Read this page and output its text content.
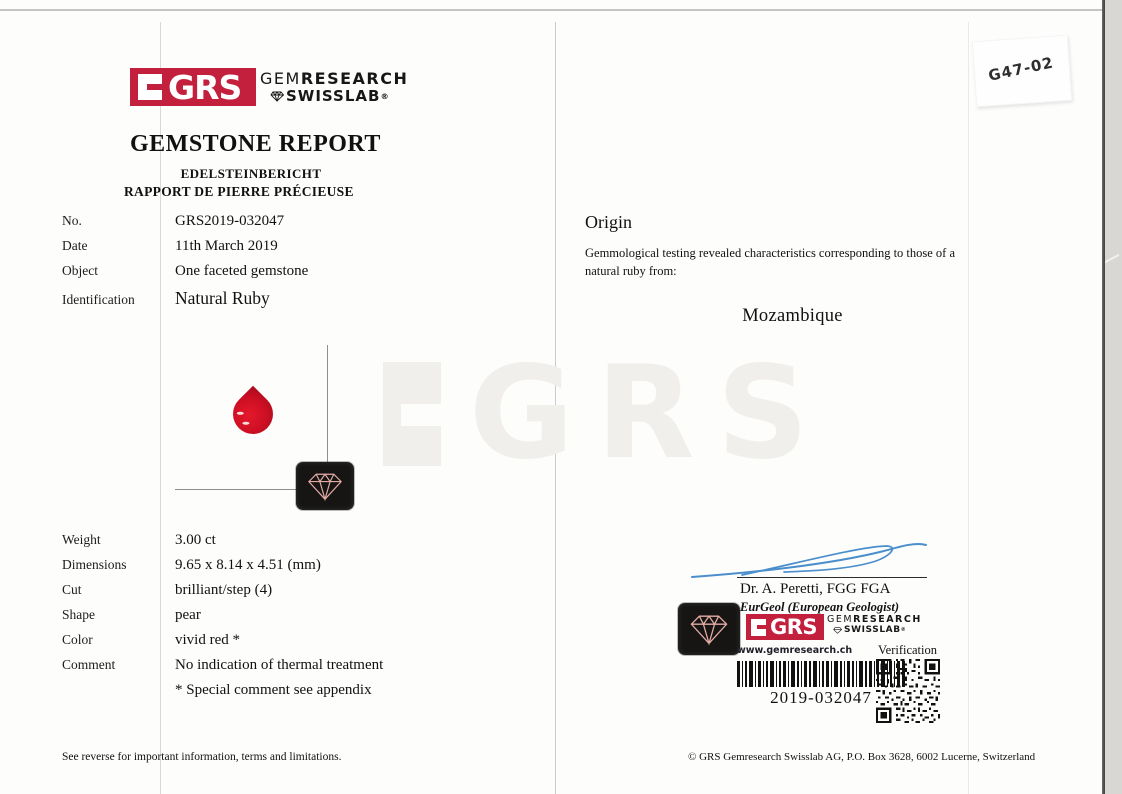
G47-02
GRS
GRS GEMRESEARCH
SWISSLAB ®
GEMSTONE REPORT
EDELSTEINBERICHT
RAPPORT DE PIERRE PRÉCIEUSE
No.	GRS2019-032047
Date	11th March 2019
Object	One faceted gemstone
Identification	Natural Ruby
Weight	3.00 ct
Dimensions	9.65 x 8.14 x 4.51 (mm)
Cut	brilliant/step (4)
Shape	pear
Color	vivid red *
Comment	No indication of thermal treatment
* Special comment see appendix
See reverse for important information, terms and limitations.
Origin
Gemmological testing revealed characteristics corresponding to those of a natural ruby from:
Mozambique
Dr. A. Peretti, FGG FGA
EurGeol (European Geologist)
GRS GEMRESEARCH
SWISSLAB ®
www.gemresearch.ch Verification
2019-032047
© GRS Gemresearch Swisslab AG, P.O. Box 3628, 6002 Lucerne, Switzerland
